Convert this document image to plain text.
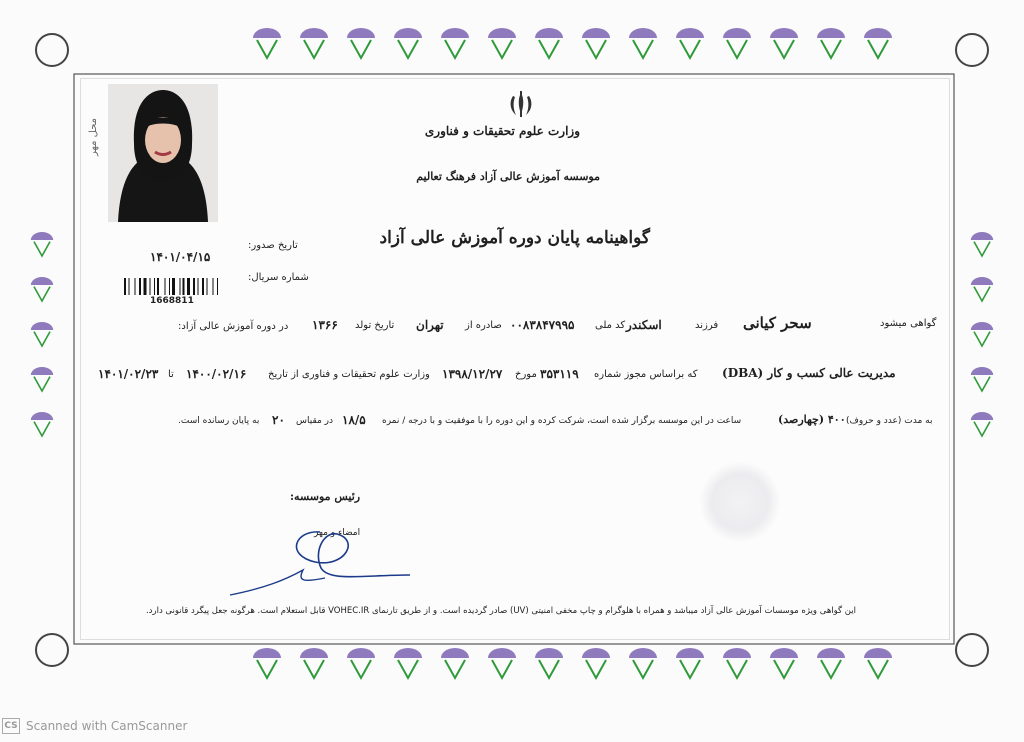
محل مهر	وزارت علوم تحقیقات و فناوری
موسسه آموزش عالی آزاد فرهنگ تعالیم
گواهینامه پایان دوره آموزش عالی آزاد
تاریخ صدور:
۱۴۰۱/۰۴/۱۵
شماره سریال:
1668811
گواهی میشود
سحر کیانی
فرزند
اسکندر
کد ملی
۰۰۸۳۸۴۷۹۹۵
صادره از
تهران
تاریخ تولد
۱۳۶۶
در دوره آموزش عالی آزاد:
مدیریت عالی کسب و کار (DBA)
که براساس مجوز شماره
۳۵۳۱۱۹
مورخ
۱۳۹۸/۱۲/۲۷
وزارت علوم تحقیقات و فناوری از تاریخ
۱۴۰۰/۰۲/۱۶
تا
۱۴۰۱/۰۲/۲۳
به مدت (عدد و حروف)
۴۰۰ (چهارصد)
ساعت در این موسسه برگزار شده است، شرکت کرده و این دوره را با موفقیت و با درجه / نمره
۱۸/۵
در مقیاس
۲۰
به پایان رسانده است.
رئیس موسسه:
امضاء و مهر
این گواهی ویژه موسسات آموزش عالی آزاد میباشد و همراه با هلوگرام و چاپ مخفی امنیتی (UV) صادر گردیده است. و از طریق تارنمای VOHEC.IR قابل استعلام است. هرگونه جعل پیگرد قانونی دارد.
CS Scanned with CamScanner
